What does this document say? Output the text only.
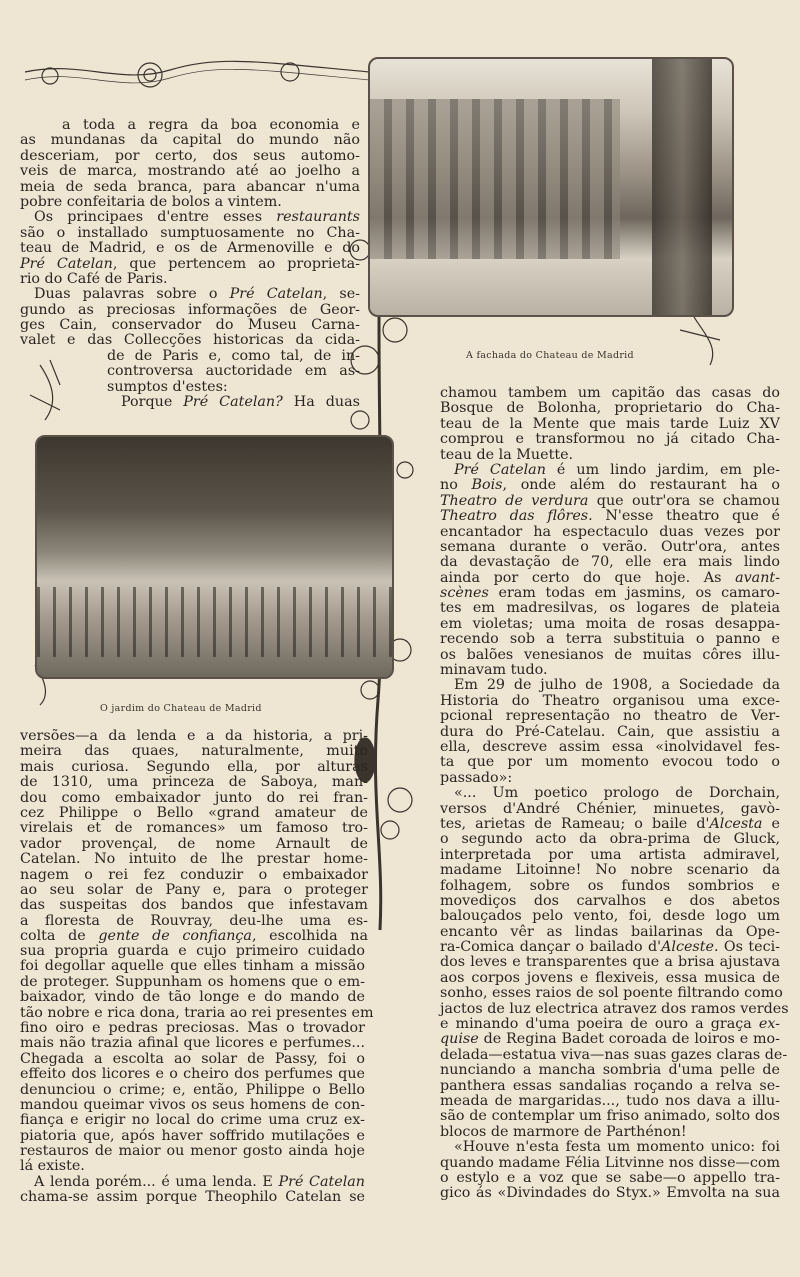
A fachada do Chateau de Madrid
O jardim do Chateau de Madrid
a toda a regra da boa economia e
as mundanas da capital do mundo não
desceriam, por certo, dos seus automo-
veis de marca, mostrando até ao joelho a
meia de seda branca, para abancar n'uma
pobre confeitaria de bolos a vintem.
Os principaes d'entre esses restaurants
são o installado sumptuosamente no Cha-
teau de Madrid, e os de Armenoville e do
Pré Catelan, que pertencem ao proprieta-
rio do Café de Paris.
Duas palavras sobre o Pré Catelan, se-
gundo as preciosas informações de Geor-
ges Cain, conservador do Museu Carna-
valet e das Collecções historicas da cida-
de de Paris e, como tal, de in-
controversa auctoridade em as-
sumptos d'estes:
Porque Pré Catelan? Ha duas
versões—a da lenda e a da historia, a pri-
meira das quaes, naturalmente, muito
mais curiosa. Segundo ella, por alturas
de 1310, uma princeza de Saboya, man-
dou como embaixador junto do rei fran-
cez Philippe o Bello «grand amateur de
virelais et de romances» um famoso tro-
vador provençal, de nome Arnault de
Catelan. No intuito de lhe prestar home-
nagem o rei fez conduzir o embaixador
ao seu solar de Pany e, para o proteger
das suspeitas dos bandos que infestavam
a floresta de Rouvray, deu-lhe uma es-
colta de gente de confiança, escolhida na
sua propria guarda e cujo primeiro cuidado
foi degollar aquelle que elles tinham a missão
de proteger. Suppunham os homens que o em-
baixador, vindo de tão longe e do mando de
tão nobre e rica dona, traria ao rei presentes em
fino oiro e pedras preciosas. Mas o trovador
mais não trazia afinal que licores e perfumes...
Chegada a escolta ao solar de Passy, foi o
effeito dos licores e o cheiro dos perfumes que
denunciou o crime; e, então, Philippe o Bello
mandou queimar vivos os seus homens de con-
fiança e erigir no local do crime uma cruz ex-
piatoria que, após haver soffrido mutilações e
restauros de maior ou menor gosto ainda hoje
lá existe.
A lenda porém... é uma lenda. E Pré Catelan
chama-se assim porque Theophilo Catelan se
chamou tambem um capitão das casas do
Bosque de Bolonha, proprietario do Cha-
teau de la Mente que mais tarde Luiz XV
comprou e transformou no já citado Cha-
teau de la Muette.
Pré Catelan é um lindo jardim, em ple-
no Bois, onde além do restaurant ha o
Theatro de verdura que outr'ora se chamou
Theatro das flôres. N'esse theatro que é
encantador ha espectaculo duas vezes por
semana durante o verão. Outr'ora, antes
da devastação de 70, elle era mais lindo
ainda por certo do que hoje. As avant-
scènes eram todas em jasmins, os camaro-
tes em madresilvas, os logares de plateia
em violetas; uma moita de rosas desappa-
recendo sob a terra substituia o panno e
os balões venesianos de muitas côres illu-
minavam tudo.
Em 29 de julho de 1908, a Sociedade da
Historia do Theatro organisou uma exce-
pcional representação no theatro de Ver-
dura do Pré-Catelau. Cain, que assistiu a
ella, descreve assim essa «inolvidavel fes-
ta que por um momento evocou todo o
passado»:
«... Um poetico prologo de Dorchain,
versos d'André Chénier, minuetes, gavò-
tes, arietas de Rameau; o baile d'Alcesta e
o segundo acto da obra-prima de Gluck,
interpretada por uma artista admiravel,
madame Litoinne! No nobre scenario da
folhagem, sobre os fundos sombrios e
movediços dos carvalhos e dos abetos
balouçados pelo vento, foi, desde logo um
encanto vêr as lindas bailarinas da Ope-
ra-Comica dançar o bailado d'Alceste. Os teci-
dos leves e transparentes que a brisa ajustava
aos corpos jovens e flexiveis, essa musica de
sonho, esses raios de sol poente filtrando como
jactos de luz electrica atravez dos ramos verdes
e minando d'uma poeira de ouro a graça ex-
quise de Regina Badet coroada de loiros e mo-
delada—estatua viva—nas suas gazes claras de-
nunciando a mancha sombria d'uma pelle de
panthera essas sandalias roçando a relva se-
meada de margaridas..., tudo nos dava a illu-
são de contemplar um friso animado, solto dos
blocos de marmore de Parthénon!
«Houve n'esta festa um momento unico: foi
quando madame Félia Litvinne nos disse—com
o estylo e a voz que se sabe—o appello tra-
gico ás «Divindades do Styx.» Emvolta na sua
